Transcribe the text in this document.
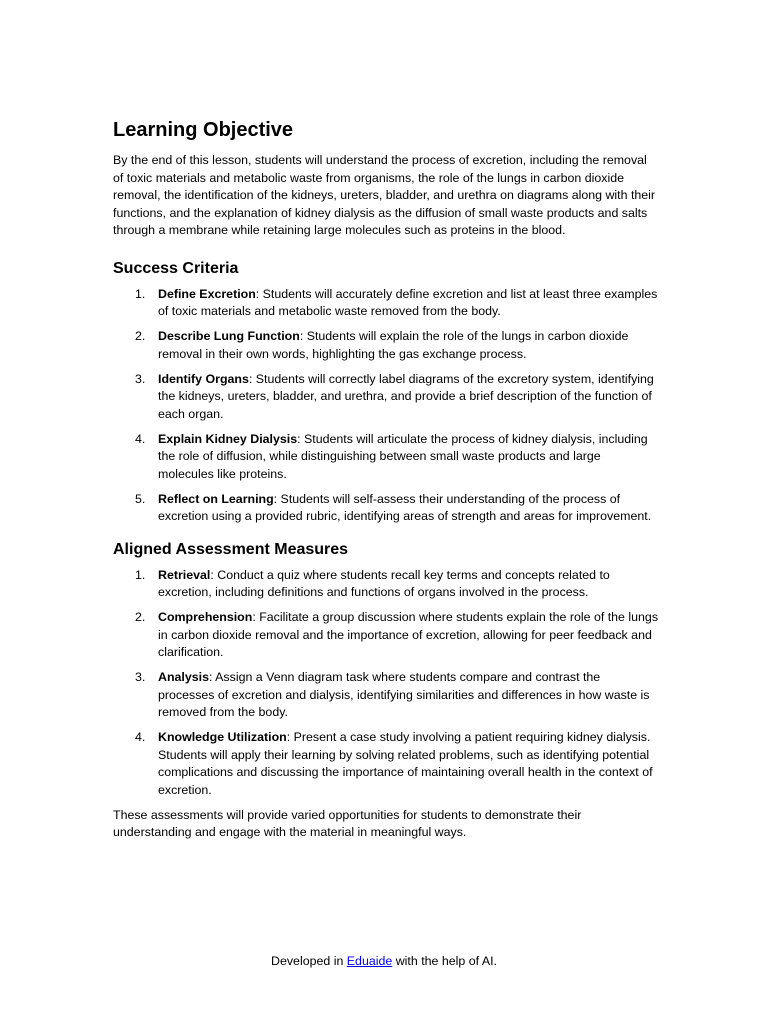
Learning Objective

By the end of this lesson, students will understand the process of excretion, including the removal of toxic materials and metabolic waste from organisms, the role of the lungs in carbon dioxide removal, the identification of the kidneys, ureters, bladder, and urethra on diagrams along with their functions, and the explanation of kidney dialysis as the diffusion of small waste products and salts through a membrane while retaining large molecules such as proteins in the blood.

Success Criteria
1. Define Excretion: Students will accurately define excretion and list at least three examples of toxic materials and metabolic waste removed from the body.
2. Describe Lung Function: Students will explain the role of the lungs in carbon dioxide removal in their own words, highlighting the gas exchange process.
3. Identify Organs: Students will correctly label diagrams of the excretory system, identifying the kidneys, ureters, bladder, and urethra, and provide a brief description of the function of each organ.
4. Explain Kidney Dialysis: Students will articulate the process of kidney dialysis, including the role of diffusion, while distinguishing between small waste products and large molecules like proteins.
5. Reflect on Learning: Students will self-assess their understanding of the process of excretion using a provided rubric, identifying areas of strength and areas for improvement.
Aligned Assessment Measures
1. Retrieval: Conduct a quiz where students recall key terms and concepts related to excretion, including definitions and functions of organs involved in the process.
2. Comprehension: Facilitate a group discussion where students explain the role of the lungs in carbon dioxide removal and the importance of excretion, allowing for peer feedback and clarification.
3. Analysis: Assign a Venn diagram task where students compare and contrast the processes of excretion and dialysis, identifying similarities and differences in how waste is removed from the body.
4. Knowledge Utilization: Present a case study involving a patient requiring kidney dialysis. Students will apply their learning by solving related problems, such as identifying potential complications and discussing the importance of maintaining overall health in the context of excretion.

These assessments will provide varied opportunities for students to demonstrate their understanding and engage with the material in meaningful ways.

Developed in Eduaide with the help of AI.
